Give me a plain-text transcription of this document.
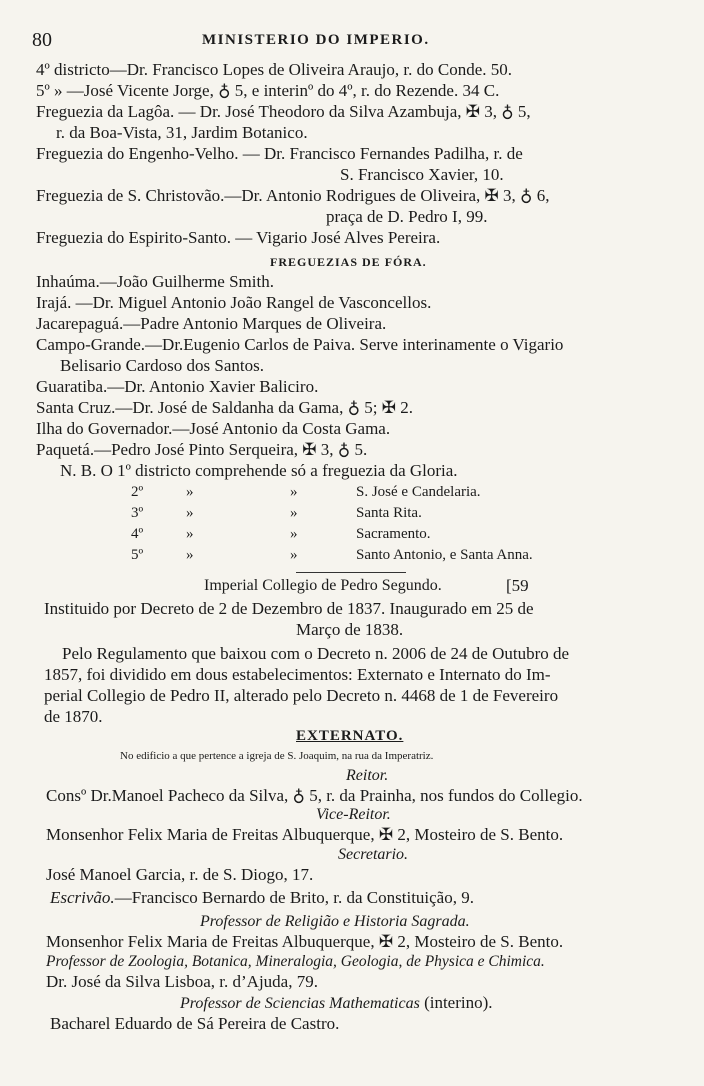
80	MINISTERIO DO IMPERIO.
4º districto—Dr. Francisco Lopes de Oliveira Araujo, r. do Conde. 50.
5º » —José Vicente Jorge, ♁ 5, e interinº do 4º, r. do Rezende. 34 C.
Freguezia da Lagôa. — Dr. José Theodoro da Silva Azambuja, ✠ 3, ♁ 5,
r. da Boa-Vista, 31, Jardim Botanico.
Freguezia do Engenho-Velho. — Dr. Francisco Fernandes Padilha, r. de
S. Francisco Xavier, 10.
Freguezia de S. Christovão.—Dr. Antonio Rodrigues de Oliveira, ✠ 3, ♁ 6,
praça de D. Pedro I, 99.
Freguezia do Espirito-Santo. — Vigario José Alves Pereira.
FREGUEZIAS DE FÓRA.
Inhaúma.—João Guilherme Smith.
Irajá. —Dr. Miguel Antonio João Rangel de Vasconcellos.
Jacarepaguá.—Padre Antonio Marques de Oliveira.
Campo-Grande.—Dr.Eugenio Carlos de Paiva. Serve interinamente o Vigario
Belisario Cardoso dos Santos.
Guaratiba.—Dr. Antonio Xavier Baliciro.
Santa Cruz.—Dr. José de Saldanha da Gama, ♁ 5; ✠ 2.
Ilha do Governador.—José Antonio da Costa Gama.
Paquetá.—Pedro José Pinto Serqueira, ✠ 3, ♁ 5.
N. B. O 1º districto comprehende só a freguezia da Gloria.
2º	»	»	S. José e Candelaria.
3º	»	»	Santa Rita.
4º	»	»	Sacramento.
5º	»	»	Santo Antonio, e Santa Anna.
Imperial Collegio de Pedro Segundo.	[59
Instituido por Decreto de 2 de Dezembro de 1837. Inaugurado em 25 de
Março de 1838.
Pelo Regulamento que baixou com o Decreto n. 2006 de 24 de Outubro de
1857, foi dividido em dous estabelecimentos: Externato e Internato do Im-
perial Collegio de Pedro II, alterado pelo Decreto n. 4468 de 1 de Fevereiro
de 1870.
EXTERNATO.
No edificio a que pertence a igreja de S. Joaquim, na rua da Imperatriz.
Reitor.
Consº Dr.Manoel Pacheco da Silva, ♁ 5, r. da Prainha, nos fundos do Collegio.
Vice-Reitor.
Monsenhor Felix Maria de Freitas Albuquerque, ✠ 2, Mosteiro de S. Bento.
Secretario.
José Manoel Garcia, r. de S. Diogo, 17.
Escrivão.—Francisco Bernardo de Brito, r. da Constituição, 9.
Professor de Religião e Historia Sagrada.
Monsenhor Felix Maria de Freitas Albuquerque, ✠ 2, Mosteiro de S. Bento.
Professor de Zoologia, Botanica, Mineralogia, Geologia, de Physica e Chimica.
Dr. José da Silva Lisboa, r. d’Ajuda, 79.
Professor de Sciencias Mathematicas (interino).
Bacharel Eduardo de Sá Pereira de Castro.
